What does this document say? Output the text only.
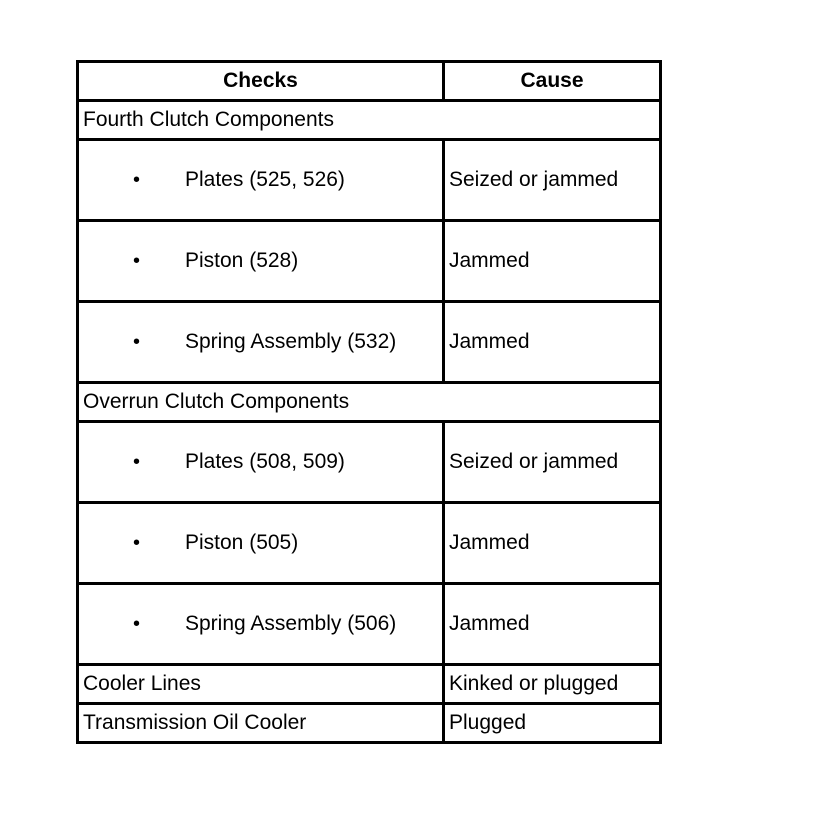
Checks	Cause
Fourth Clutch Components	

• Plates (525, 526)	Seized or jammed

• Piston (528)	Jammed

• Spring Assembly (532)	Jammed
Overrun Clutch Components	

• Plates (508, 509)	Seized or jammed

• Piston (505)	Jammed

• Spring Assembly (506)	Jammed
Cooler Lines	Kinked or plugged
Transmission Oil Cooler	Plugged
